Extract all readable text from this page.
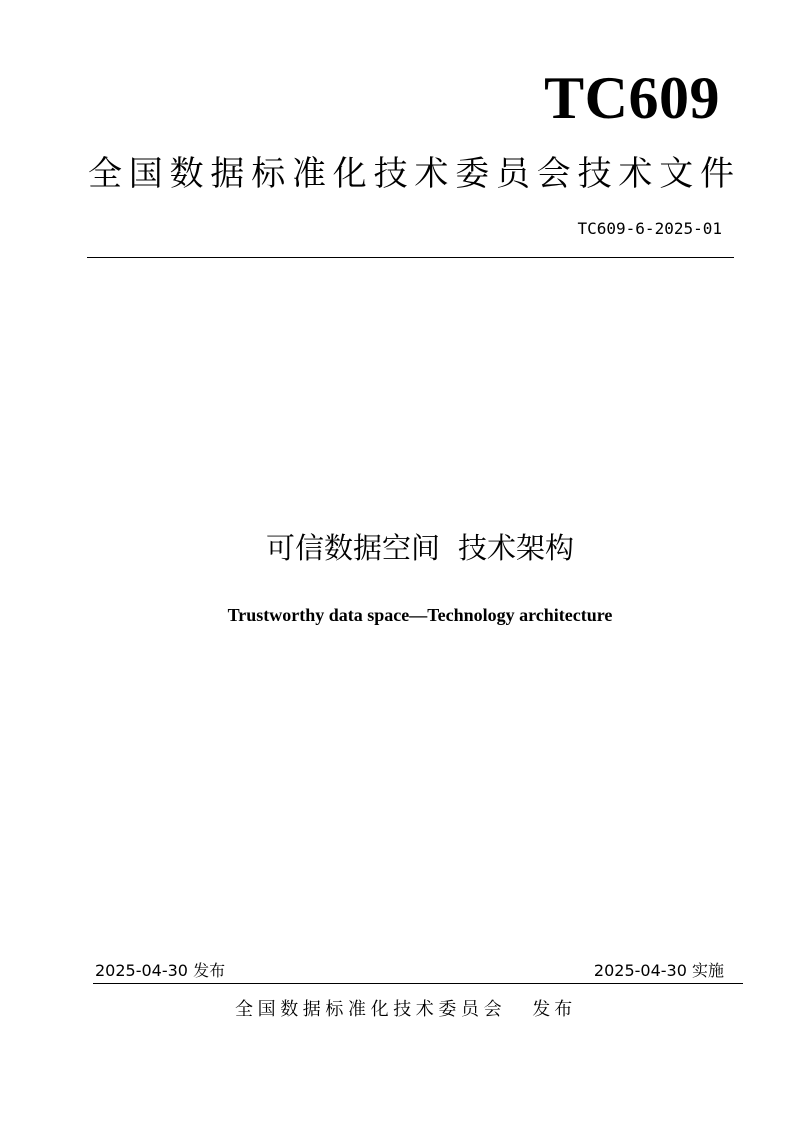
TC609
全国数据标准化技术委员会技术文件
TC609-6-2025-01
可信数据空间 技术架构
Trustworthy data space—Technology architecture
2025-04-30 发布	2025-04-30 实施
全国数据标准化技术委员会 发布
